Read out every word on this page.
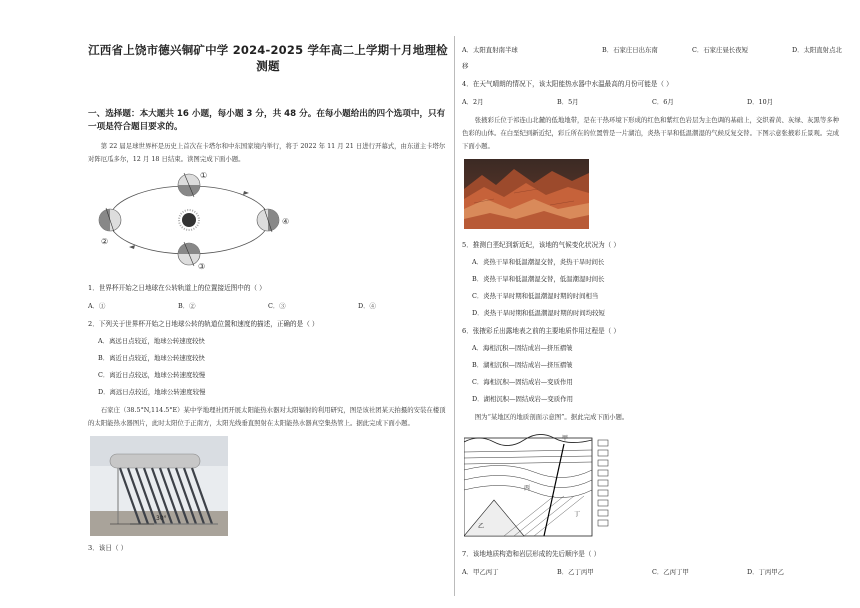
江西省上饶市德兴铜矿中学 2024-2025 学年高二上学期十月地理检测题
一、选择题：本大题共 16 小题，每小题 3 分，共 48 分。在每小题给出的四个选项中，只有一项是符合题目要求的。
第 22 届足球世界杯是历史上首次在卡塔尔和中东国家境内举行，将于 2022 年 11 月 21 日进行开幕式，由东道主卡塔尔对阵厄瓜多尔，12 月 18 日结束。读图完成下面小题。
②
③
④
①
1．世界杯开始之日地球在公转轨道上的位置接近图中的（ ）
A．①	B．②	C．③	D．④
2．下列关于世界杯开始之日地球公转的轨道位置和速度的描述，正确的是（ ）
A．离远日点较近，地球公转速度较快
B．离近日点较近，地球公转速度较快
C．离近日点较远，地球公转速度较慢
D．离远日点较近，地球公转速度较慢
石家庄（38.5°N,114.5°E）某中学地理社团开展太阳能热水器对太阳辐射的利用研究，图是该社团某天拍摄的安装在楼顶的太阳能热水器图片，此时太阳位于正南方，太阳光线垂直照射在太阳能热水器真空集热管上。据此完成下面小题。
30°
3．该日（ ）
A．太阳直射南半球	B．石家庄日出东南	C．石家庄昼长夜短	D．太阳直射点北
移
4．在天气晴朗的情况下，该太阳能热水器中水温最高的月份可能是（ ）
A．2月	B．5月	C．6月	D．10月
张掖彩丘位于祁连山北麓的低地地带，是在干热环境下形成的红色和紫红色岩层为主色调的基础上，交织着黄、灰绿、灰黑等多种色彩的山体。在白垩纪到新近纪，彩丘所在的位置曾是一片湖泊，炎热干旱和低温潮湿的气候反复交替。下图示意张掖彩丘景观。完成下面小题。
5．推测白垩纪到新近纪，该地的气候变化状况为（ ）
A．炎热干旱和低温潮湿交替，炎热干旱时间长
B．炎热干旱和低温潮湿交替，低温潮湿时间长
C．炎热干旱时期和低温潮湿时期的时间相当
D．炎热干旱时期和低温潮湿时期的时间均较短
6．张掖彩丘出露地表之前的主要地质作用过程是（ ）
A．海相沉积—固结成岩—挤压褶皱
B．湖相沉积—固结成岩—挤压褶皱
C．海相沉积—固结成岩—变质作用
D．湖相沉积—固结成岩—变质作用
图为“某地区的地质剖面示意图”。据此完成下面小题。
甲
乙
丙
丁
7．该地地质构造和岩层形成的先后顺序是（ ）
A．甲乙丙丁	B．乙丁丙甲	C．乙丙丁甲	D．丁丙甲乙
